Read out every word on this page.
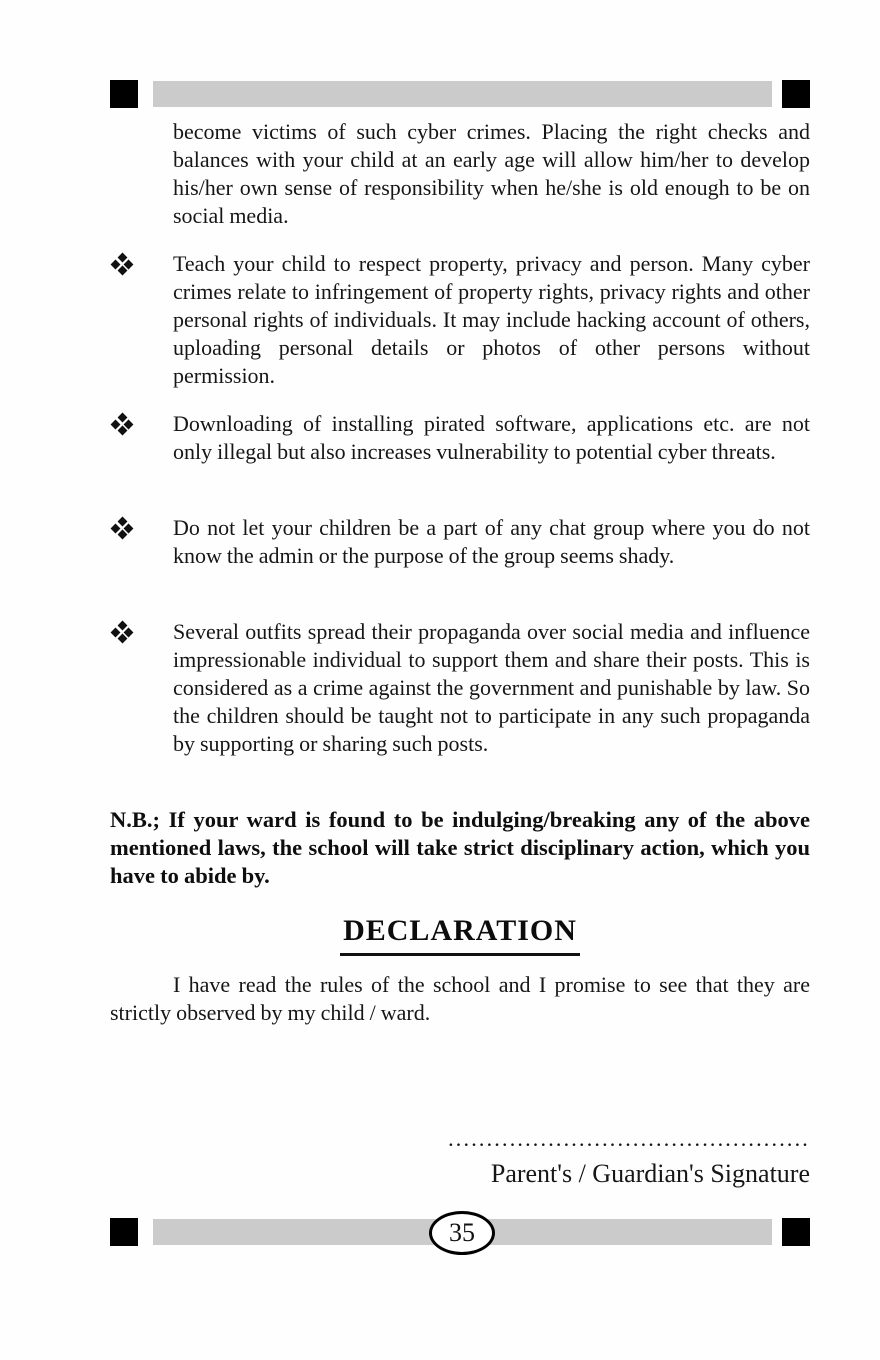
become victims of such cyber crimes. Placing the right checks and balances with your child at an early age will allow him/her to develop his/her own sense of responsibility when he/she is old enough to be on social media.

Teach your child to respect property, privacy and person. Many cyber crimes relate to infringement of property rights, privacy rights and other personal rights of individuals. It may include hacking account of others, uploading personal details or photos of other persons without permission.

Downloading of installing pirated software, applications etc. are not only illegal but also increases vulnerability to potential cyber threats.

Do not let your children be a part of any chat group where you do not know the admin or the purpose of the group seems shady.

Several outfits spread their propaganda over social media and influence impressionable individual to support them and share their posts. This is considered as a crime against the government and punishable by law. So the children should be taught not to participate in any such propaganda by supporting or sharing such posts.

N.B.; If your ward is found to be indulging/breaking any of the above mentioned laws, the school will take strict disciplinary action, which you have to abide by.

DECLARATION

I have read the rules of the school and I promise to see that they are strictly observed by my child / ward.

...............................................
Parent's / Guardian's Signature
35
